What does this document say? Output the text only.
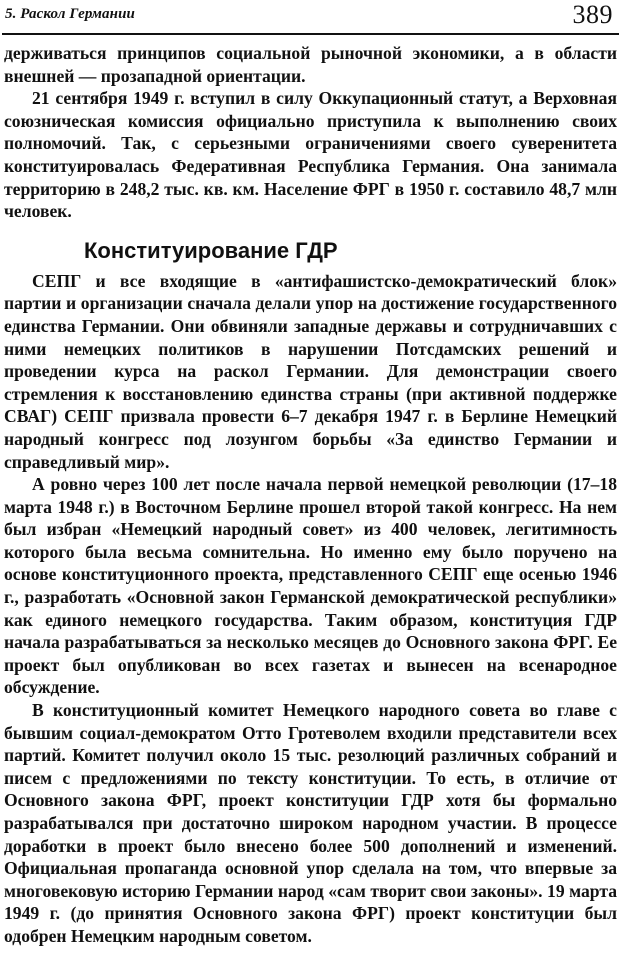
5. Раскол Германии	389

держиваться принципов социальной рыночной экономики, а в области внешней — прозападной ориентации.

21 сентября 1949 г. вступил в силу Оккупационный статут, а Верховная союзническая комиссия официально приступила к выполнению своих полномочий. Так, с серьезными ограничениями своего суверенитета конституировалась Федеративная Республика Германия. Она занимала территорию в 248,2 тыс. кв. км. Население ФРГ в 1950 г. составило 48,7 млн человек.

Конституирование ГДР

СЕПГ и все входящие в «антифашистско-демократический блок» партии и организации сначала делали упор на достижение государственного единства Германии. Они обвиняли западные державы и сотрудничавших с ними немецких политиков в нарушении Потсдамских решений и проведении курса на раскол Германии. Для демонстрации своего стремления к восстановлению единства страны (при активной поддержке СВАГ) СЕПГ призвала провести 6–7 декабря 1947 г. в Берлине Немецкий народный конгресс под лозунгом борьбы «За единство Германии и справедливый мир».

А ровно через 100 лет после начала первой немецкой революции (17–18 марта 1948 г.) в Восточном Берлине прошел второй такой конгресс. На нем был избран «Немецкий народный совет» из 400 человек, легитимность которого была весьма сомнительна. Но именно ему было поручено на основе конституционного проекта, представленного СЕПГ еще осенью 1946 г., разработать «Основной закон Германской демократической республики» как единого немецкого государства. Таким образом, конституция ГДР начала разрабатываться за несколько месяцев до Основного закона ФРГ. Ее проект был опубликован во всех газетах и вынесен на всенародное обсуждение.

В конституционный комитет Немецкого народного совета во главе с бывшим социал-демократом Отто Гротеволем входили представители всех партий. Комитет получил около 15 тыс. резолюций различных собраний и писем с предложениями по тексту конституции. То есть, в отличие от Основного закона ФРГ, проект конституции ГДР хотя бы формально разрабатывался при достаточно широком народном участии. В процессе доработки в проект было внесено более 500 дополнений и изменений. Официальная пропаганда основной упор сделала на том, что впервые за многовековую историю Германии народ «сам творит свои законы». 19 марта 1949 г. (до принятия Основного закона ФРГ) проект конституции был одобрен Немецким народным советом.
